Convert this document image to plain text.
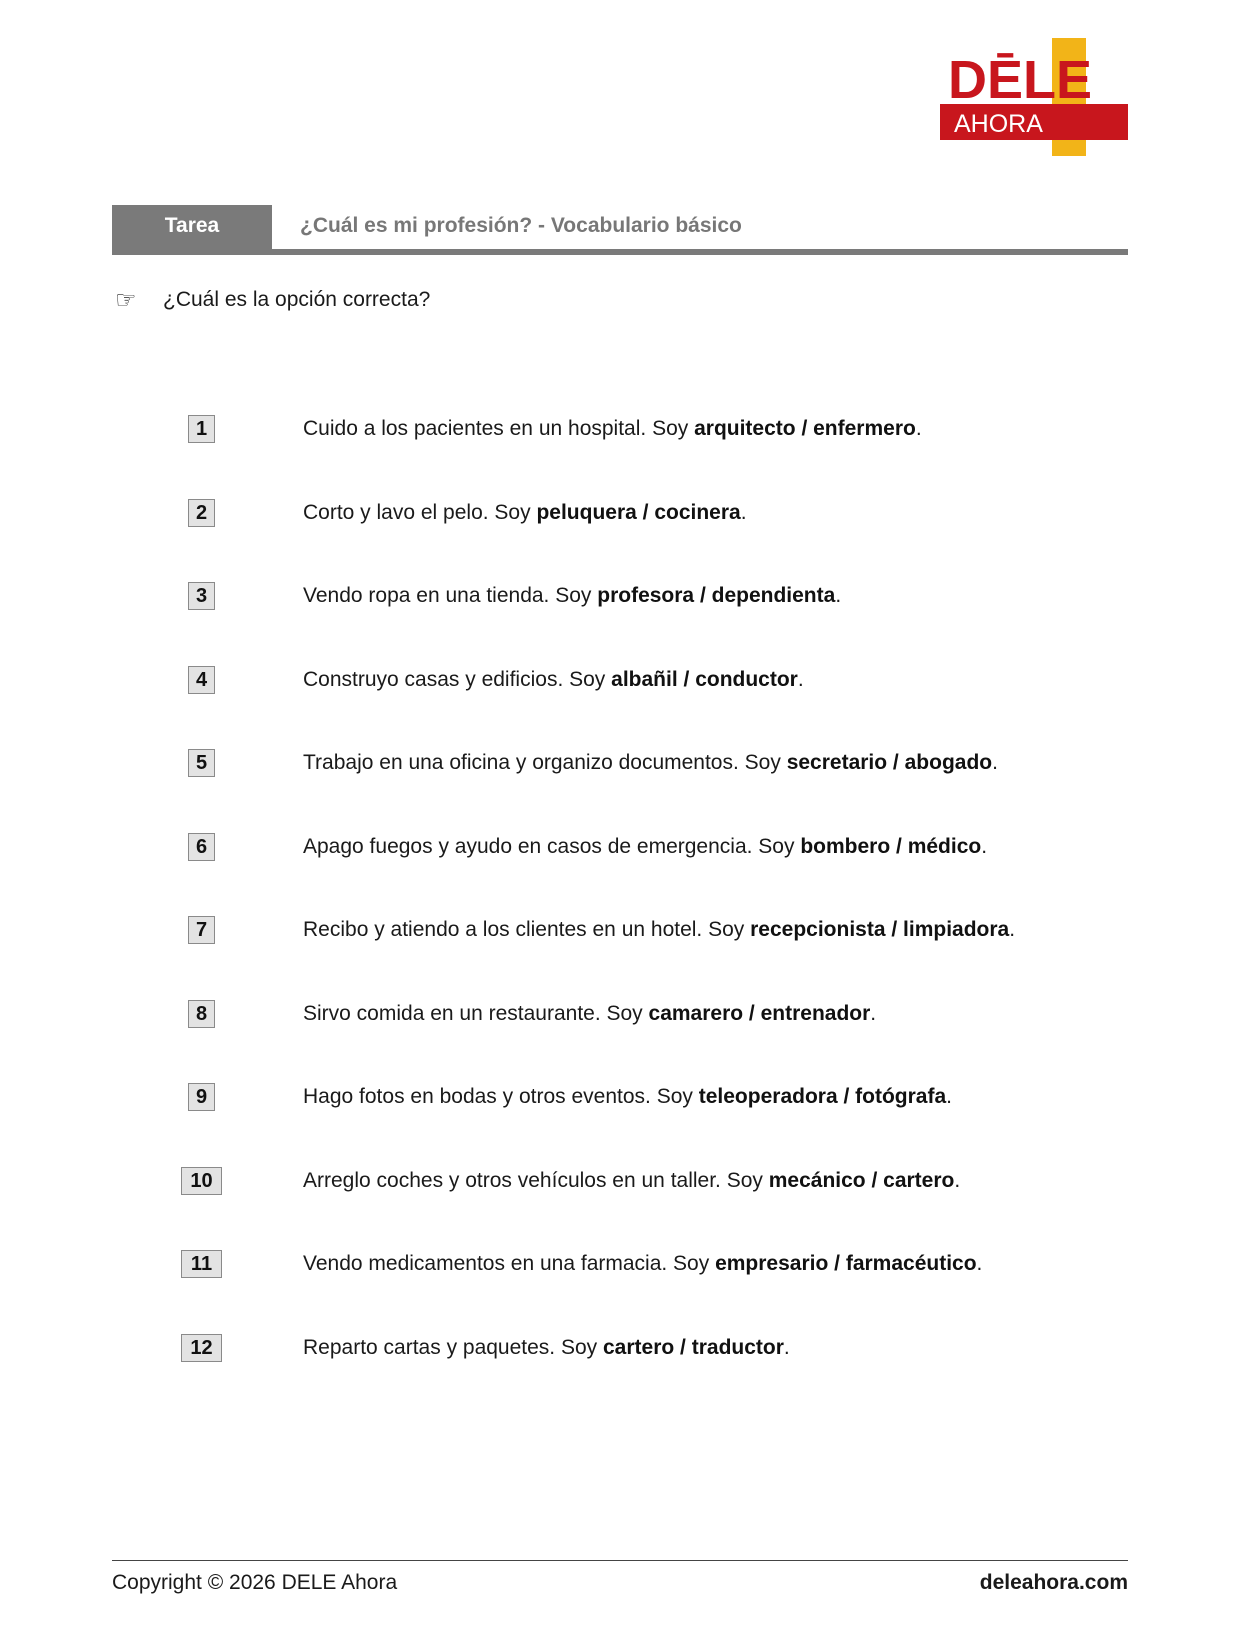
DĒLE
AHORA
Tarea	¿Cuál es mi profesión? - Vocabulario básico
☞	¿Cuál es la opción correcta?
1	Cuido a los pacientes en un hospital. Soy arquitecto / enfermero.
2	Corto y lavo el pelo. Soy peluquera / cocinera.
3	Vendo ropa en una tienda. Soy profesora / dependienta.
4	Construyo casas y edificios. Soy albañil / conductor.
5	Trabajo en una oficina y organizo documentos. Soy secretario / abogado.
6	Apago fuegos y ayudo en casos de emergencia. Soy bombero / médico.
7	Recibo y atiendo a los clientes en un hotel. Soy recepcionista / limpiadora.
8	Sirvo comida en un restaurante. Soy camarero / entrenador.
9	Hago fotos en bodas y otros eventos. Soy teleoperadora / fotógrafa.
10	Arreglo coches y otros vehículos en un taller. Soy mecánico / cartero.
11	Vendo medicamentos en una farmacia. Soy empresario / farmacéutico.
12	Reparto cartas y paquetes. Soy cartero / traductor.
Copyright © 2026 DELE Ahora	deleahora.com
